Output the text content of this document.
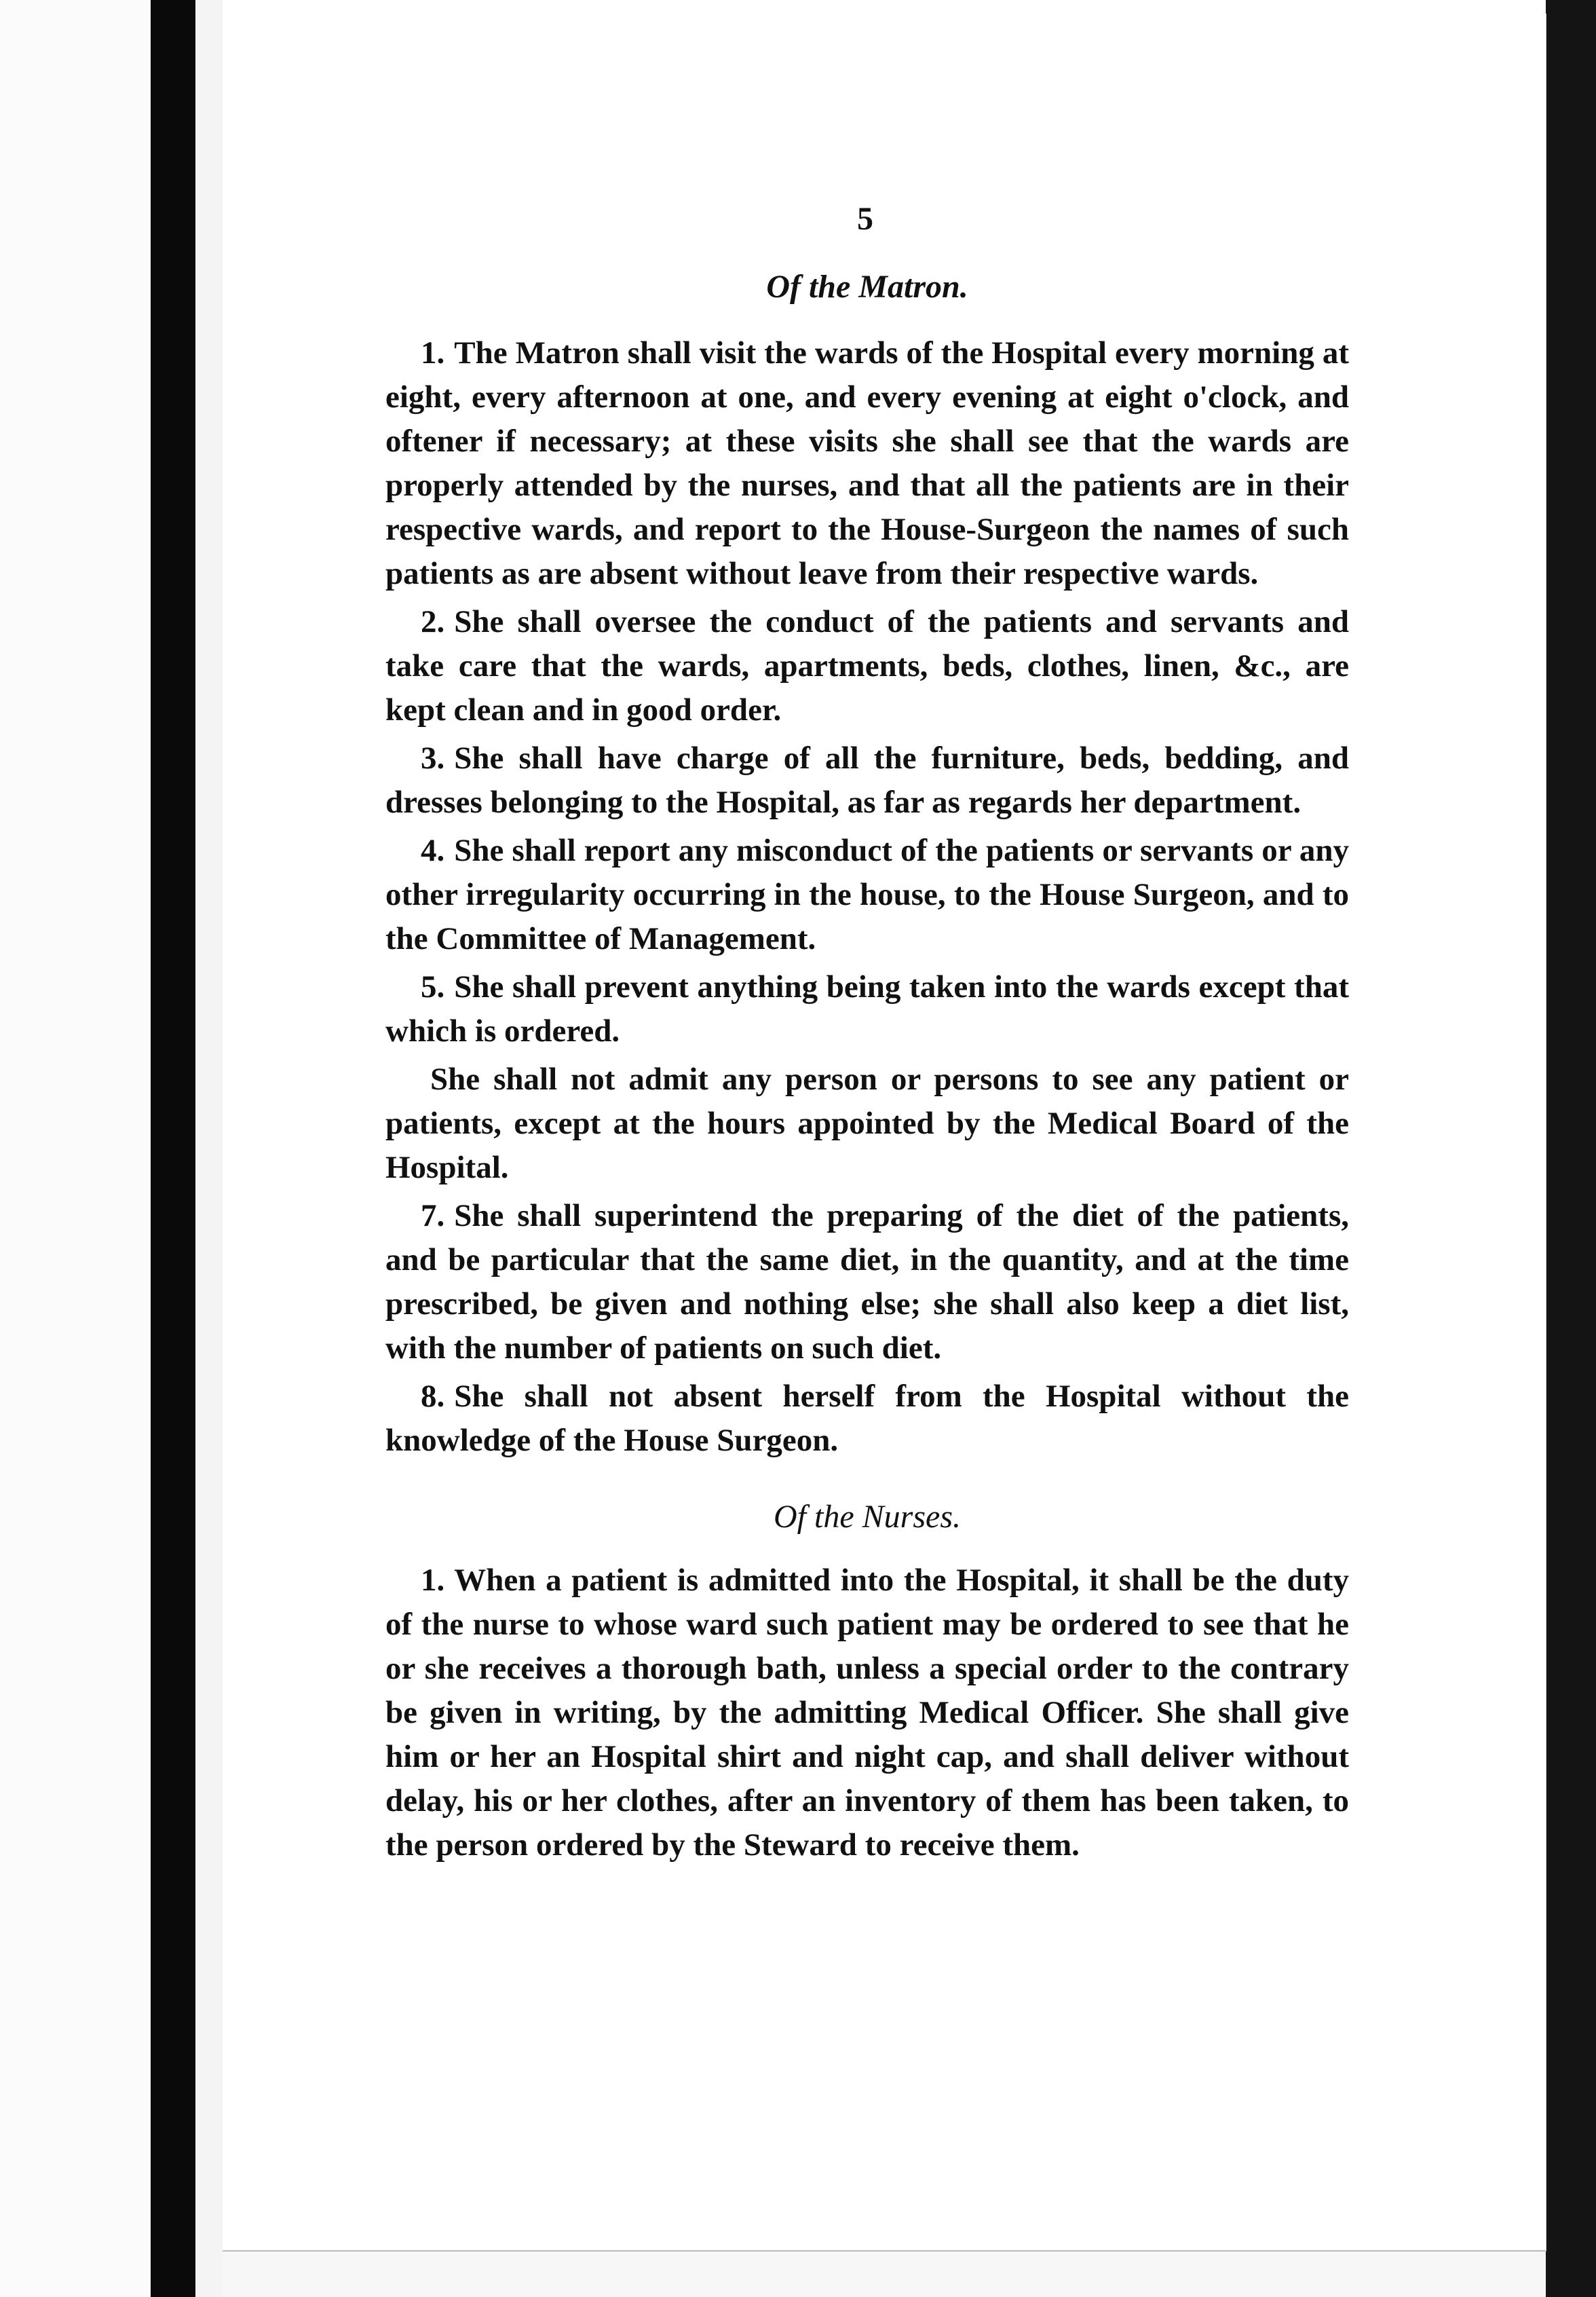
5
Of the Matron.

1. The Matron shall visit the wards of the Hospital every morning at eight, every afternoon at one, and every evening at eight o'clock, and oftener if necessary; at these visits she shall see that the wards are properly attended by the nurses, and that all the patients are in their respective wards, and report to the House-Surgeon the names of such patients as are absent without leave from their respective wards.

2. She shall oversee the conduct of the patients and servants and take care that the wards, apartments, beds, clothes, linen, &c., are kept clean and in good order.

3. She shall have charge of all the furniture, beds, bedding, and dresses belonging to the Hospital, as far as regards her department.

4. She shall report any misconduct of the patients or servants or any other irregularity occurring in the house, to the House Surgeon, and to the Committee of Management.

5. She shall prevent anything being taken into the wards except that which is ordered.

She shall not admit any person or persons to see any patient or patients, except at the hours appointed by the Medical Board of the Hospital.

7. She shall superintend the preparing of the diet of the patients, and be particular that the same diet, in the quantity, and at the time prescribed, be given and nothing else; she shall also keep a diet list, with the number of patients on such diet.

8. She shall not absent herself from the Hospital without the knowledge of the House Surgeon.

Of the Nurses.

1. When a patient is admitted into the Hospital, it shall be the duty of the nurse to whose ward such patient may be ordered to see that he or she receives a thorough bath, unless a special order to the contrary be given in writing, by the admitting Medical Officer. She shall give him or her an Hospital shirt and night cap, and shall deliver without delay, his or her clothes, after an inventory of them has been taken, to the person ordered by the Steward to receive them.
